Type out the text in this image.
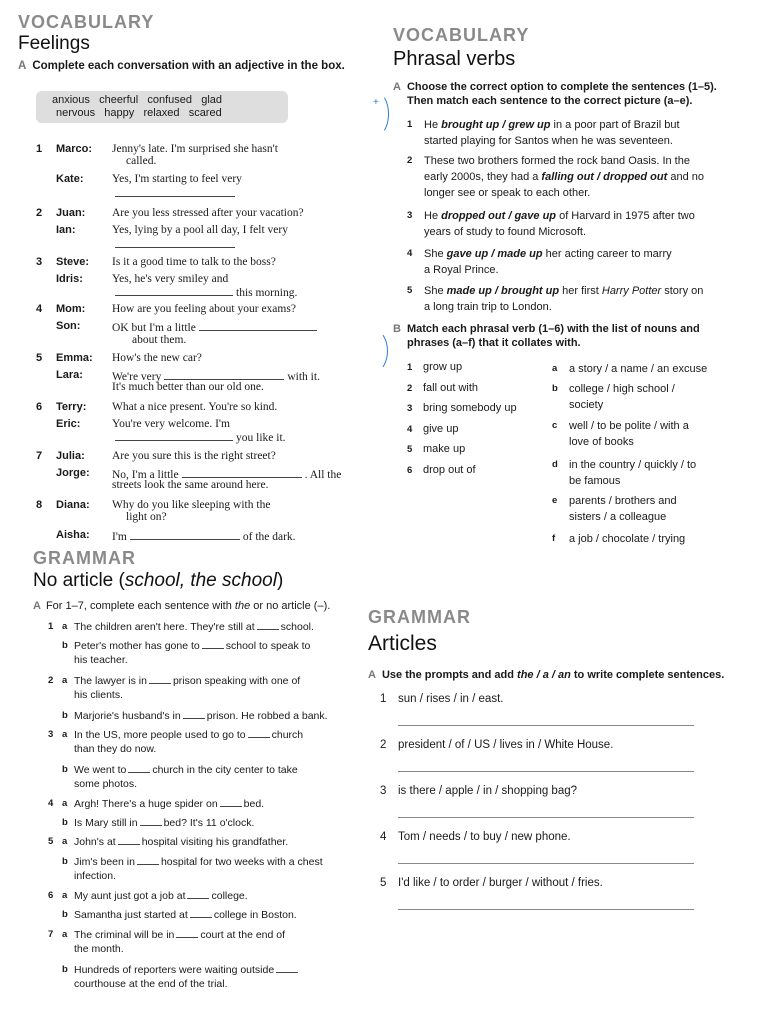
VOCABULARY
Feelings
A Complete each conversation with an adjective in the box.
anxious   cheerful   confused   glad
nervous   happy   relaxed   scared
1 Marco: Jenny's late. I'm surprised she hasn't
called.
Kate: Yes, I'm starting to feel very
2 Juan: Are you less stressed after your vacation?
Ian:	Yes, lying by a pool all day, I felt very
3 Steve: Is it a good time to talk to the boss?
Idris:	Yes, he's very smiley and
this morning.
4 Mom: How are you feeling about your exams?
Son:	OK but I'm a little
about them.
5 Emma: How's the new car?
Lara:	We're very	with it.
It's much better than our old one.
6 Terry: What a nice present. You're so kind.
Eric:	You're very welcome. I'm
you like it.
7 Julia: Are you sure this is the right street?
Jorge: No, I'm a little	. All the
streets look the same around here.
8 Diana: Why do you like sleeping with the
light on?
Aisha: I'm	of the dark.
VOCABULARY
Phrasal verbs
A Choose the correct option to complete the sentences (1–5).
Then match each sentence to the correct picture (a–e).
+
1	He brought up / grew up in a poor part of Brazil but
started playing for Santos when he was seventeen.
2	These two brothers formed the rock band Oasis. In the
early 2000s, they had a falling out / dropped out and no
longer see or speak to each other.
3	He dropped out / gave up of Harvard in 1975 after two
years of study to found Microsoft.
4	She gave up / made up her acting career to marry
a Royal Prince.
5	She made up / brought up her first Harry Potter story on
a long train trip to London.
B Match each phrasal verb (1–6) with the list of nouns and
phrases (a–f) that it collates with.
1 grow up
2 fall out with
3 bring somebody up
4 give up
5 make up
6 drop out of
a	a story / a name / an excuse
b	college / high school /
society
c	well / to be polite / with a
love of books
d	in the country / quickly / to
be famous
e	parents / brothers and
sisters / a colleague
f	a job / chocolate / trying
GRAMMAR
No article (school, the school)
A For 1–7, complete each sentence with the or no article (–).
1 a The children aren't here. They're still at school.
b Peter's mother has gone to school to speak to
his teacher.
2 a The lawyer is in prison speaking with one of
his clients.
b Marjorie's husband's in prison. He robbed a bank.
3 a In the US, more people used to go to church
than they do now.
b We went to church in the city center to take
some photos.
4 a Argh! There's a huge spider on bed.
b Is Mary still in bed? It's 11 o'clock.
5 a John's at hospital visiting his grandfather.
b Jim's been in hospital for two weeks with a chest
infection.
6 a My aunt just got a job at college.
b Samantha just started at college in Boston.
7 a The criminal will be in court at the end of
the month.
b Hundreds of reporters were waiting outside
courthouse at the end of the trial.
GRAMMAR
Articles
A Use the prompts and add the / a / an to write complete sentences.
1 sun / rises / in / east.
2 president / of / US / lives in / White House.
3 is there / apple / in / shopping bag?
4 Tom / needs / to buy / new phone.
5 I'd like / to order / burger / without / fries.
